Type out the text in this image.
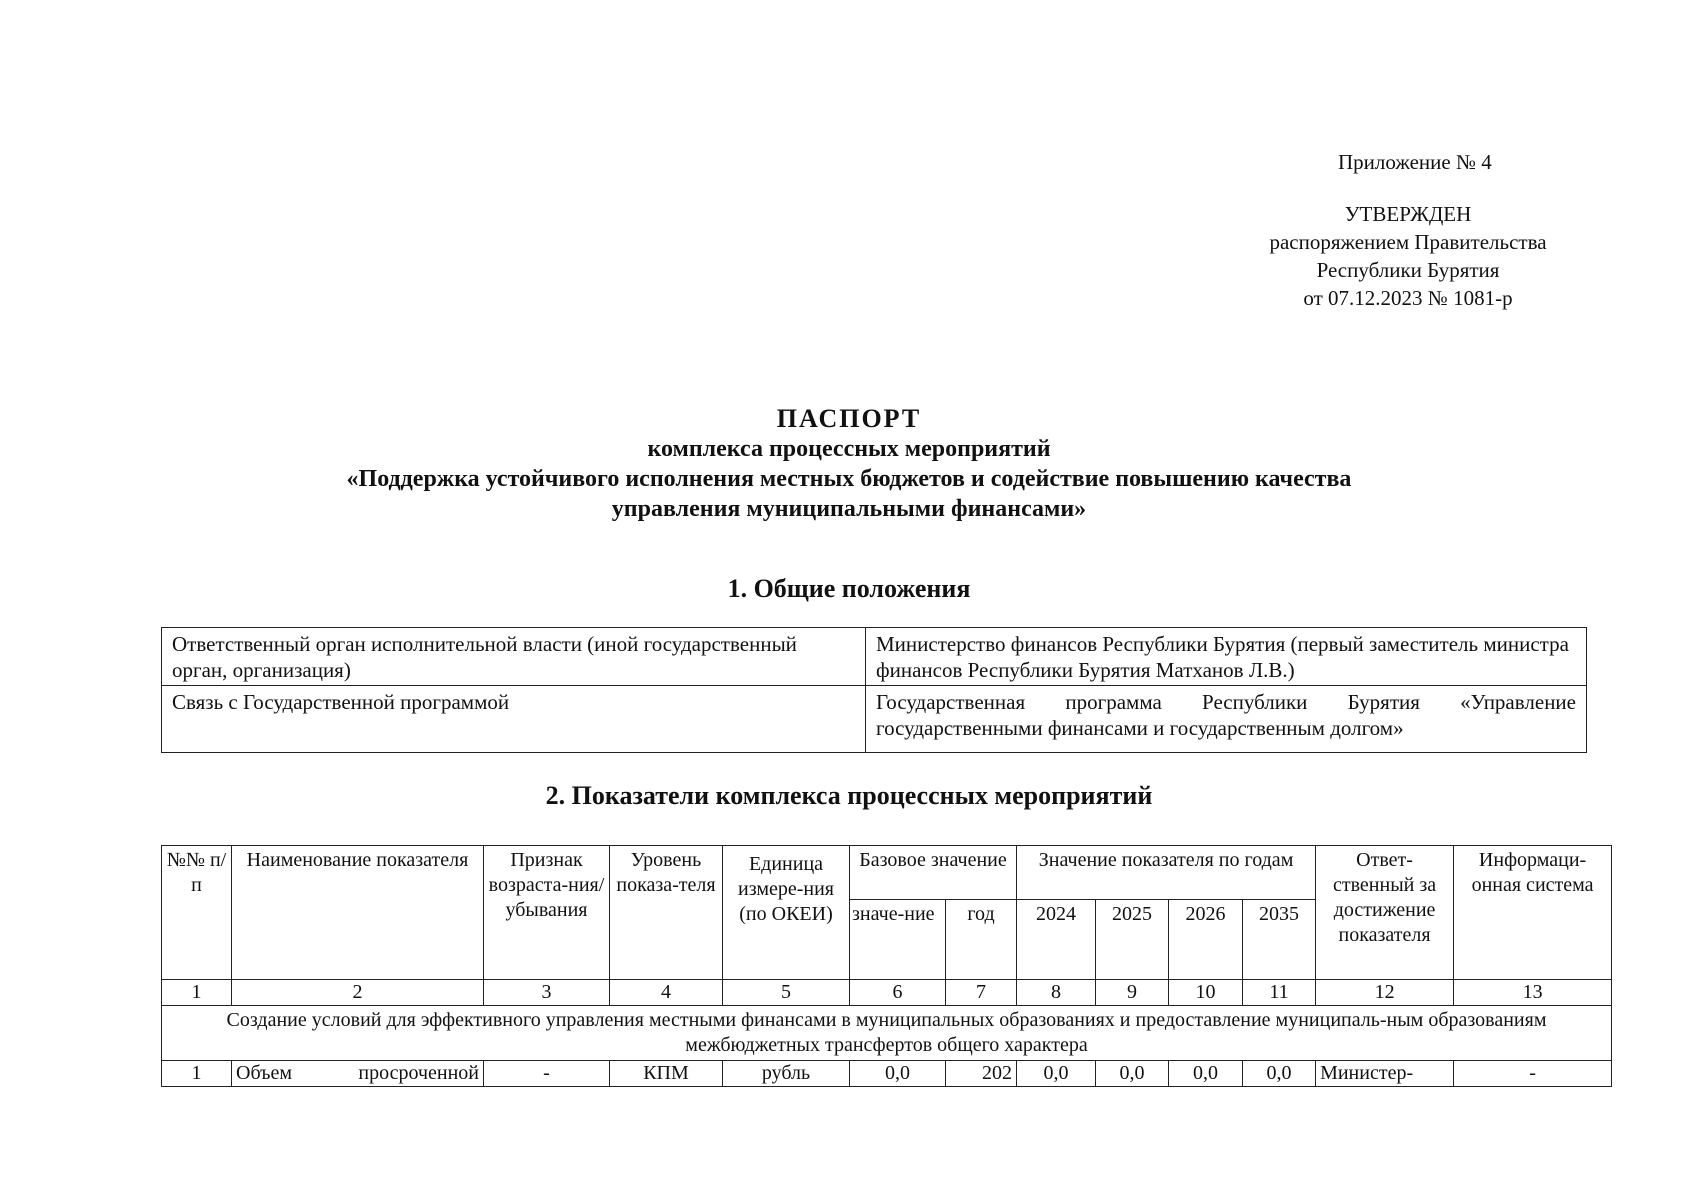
Приложение № 4
УТВЕРЖДЕН
распоряжением Правительства
Республики Бурятия
от 07.12.2023 № 1081-р
ПАСПОРТ
комплекса процессных мероприятий
«Поддержка устойчивого исполнения местных бюджетов и содействие повышению качества
управления муниципальными финансами»
1. Общие положения
Ответственный орган исполнительной власти (иной государственный орган, организация)	Министерство финансов Республики Бурятия (первый заместитель министра финансов Республики Бурятия Матханов Л.В.)
Связь с Государственной программой	Государственная программа Республики Бурятия «Управление государственными финансами и государственным долгом»
2. Показатели комплекса процессных мероприятий
№№ п/п	Наименование показателя	Признак возраста-ния/ убывания	Уровень показа-теля	Единица измере-ния (по ОКЕИ)	Базовое значение		Значение показателя по годам				Ответ-ственный за достижение показателя	Информаци-онная система
					значе-ние	год	2024	2025	2026	2035		
1	2	3	4	5	6	7	8	9	10	11	12	13
Создание условий для эффективного управления местными финансами в муниципальных образованиях и предоставление муниципаль-ным образованиям межбюджетных трансфертов общего характера												
1	Объем просроченной	-	КПМ	рубль	0,0	202	0,0	0,0	0,0	0,0	Министер-	-
